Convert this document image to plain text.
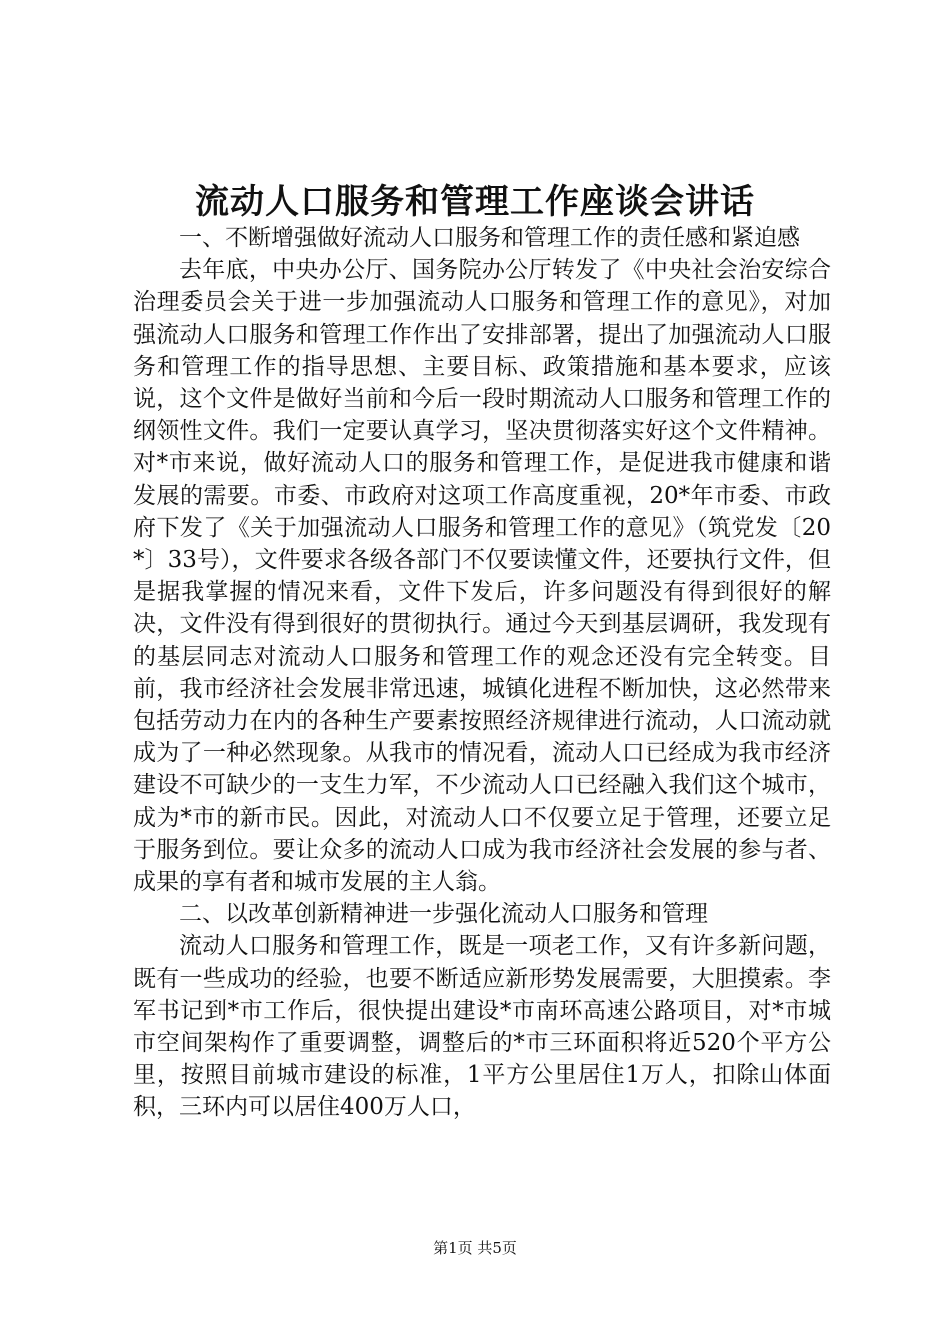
流动人口服务和管理工作座谈会讲话

一、不断增强做好流动人口服务和管理工作的责任感和紧迫感

去年底，中央办公厅、国务院办公厅转发了《中央社会治安综合治理委员会关于进一步加强流动人口服务和管理工作的意见》，对加强流动人口服务和管理工作作出了安排部署，提出了加强流动人口服务和管理工作的指导思想、主要目标、政策措施和基本要求，应该说，这个文件是做好当前和今后一段时期流动人口服务和管理工作的纲领性文件。我们一定要认真学习，坚决贯彻落实好这个文件精神。对*市来说，做好流动人口的服务和管理工作，是促进我市健康和谐发展的需要。市委、市政府对这项工作高度重视，20*年市委、市政府下发了《关于加强流动人口服务和管理工作的意见》（筑党发〔20*〕33号），文件要求各级各部门不仅要读懂文件，还要执行文件，但是据我掌握的情况来看，文件下发后，许多问题没有得到很好的解决，文件没有得到很好的贯彻执行。通过今天到基层调研，我发现有的基层同志对流动人口服务和管理工作的观念还没有完全转变。目前，我市经济社会发展非常迅速，城镇化进程不断加快，这必然带来包括劳动力在内的各种生产要素按照经济规律进行流动，人口流动就成为了一种必然现象。从我市的情况看，流动人口已经成为我市经济建设不可缺少的一支生力军，不少流动人口已经融入我们这个城市，成为*市的新市民。因此，对流动人口不仅要立足于管理，还要立足于服务到位。要让众多的流动人口成为我市经济社会发展的参与者、成果的享有者和城市发展的主人翁。

二、以改革创新精神进一步强化流动人口服务和管理

流动人口服务和管理工作，既是一项老工作，又有许多新问题，既有一些成功的经验，也要不断适应新形势发展需要，大胆摸索。李军书记到*市工作后，很快提出建设*市南环高速公路项目，对*市城市空间架构作了重要调整，调整后的*市三环面积将近520个平方公里，按照目前城市建设的标准，1平方公里居住1万人，扣除山体面积，三环内可以居住400万人口，

第1页 共5页
